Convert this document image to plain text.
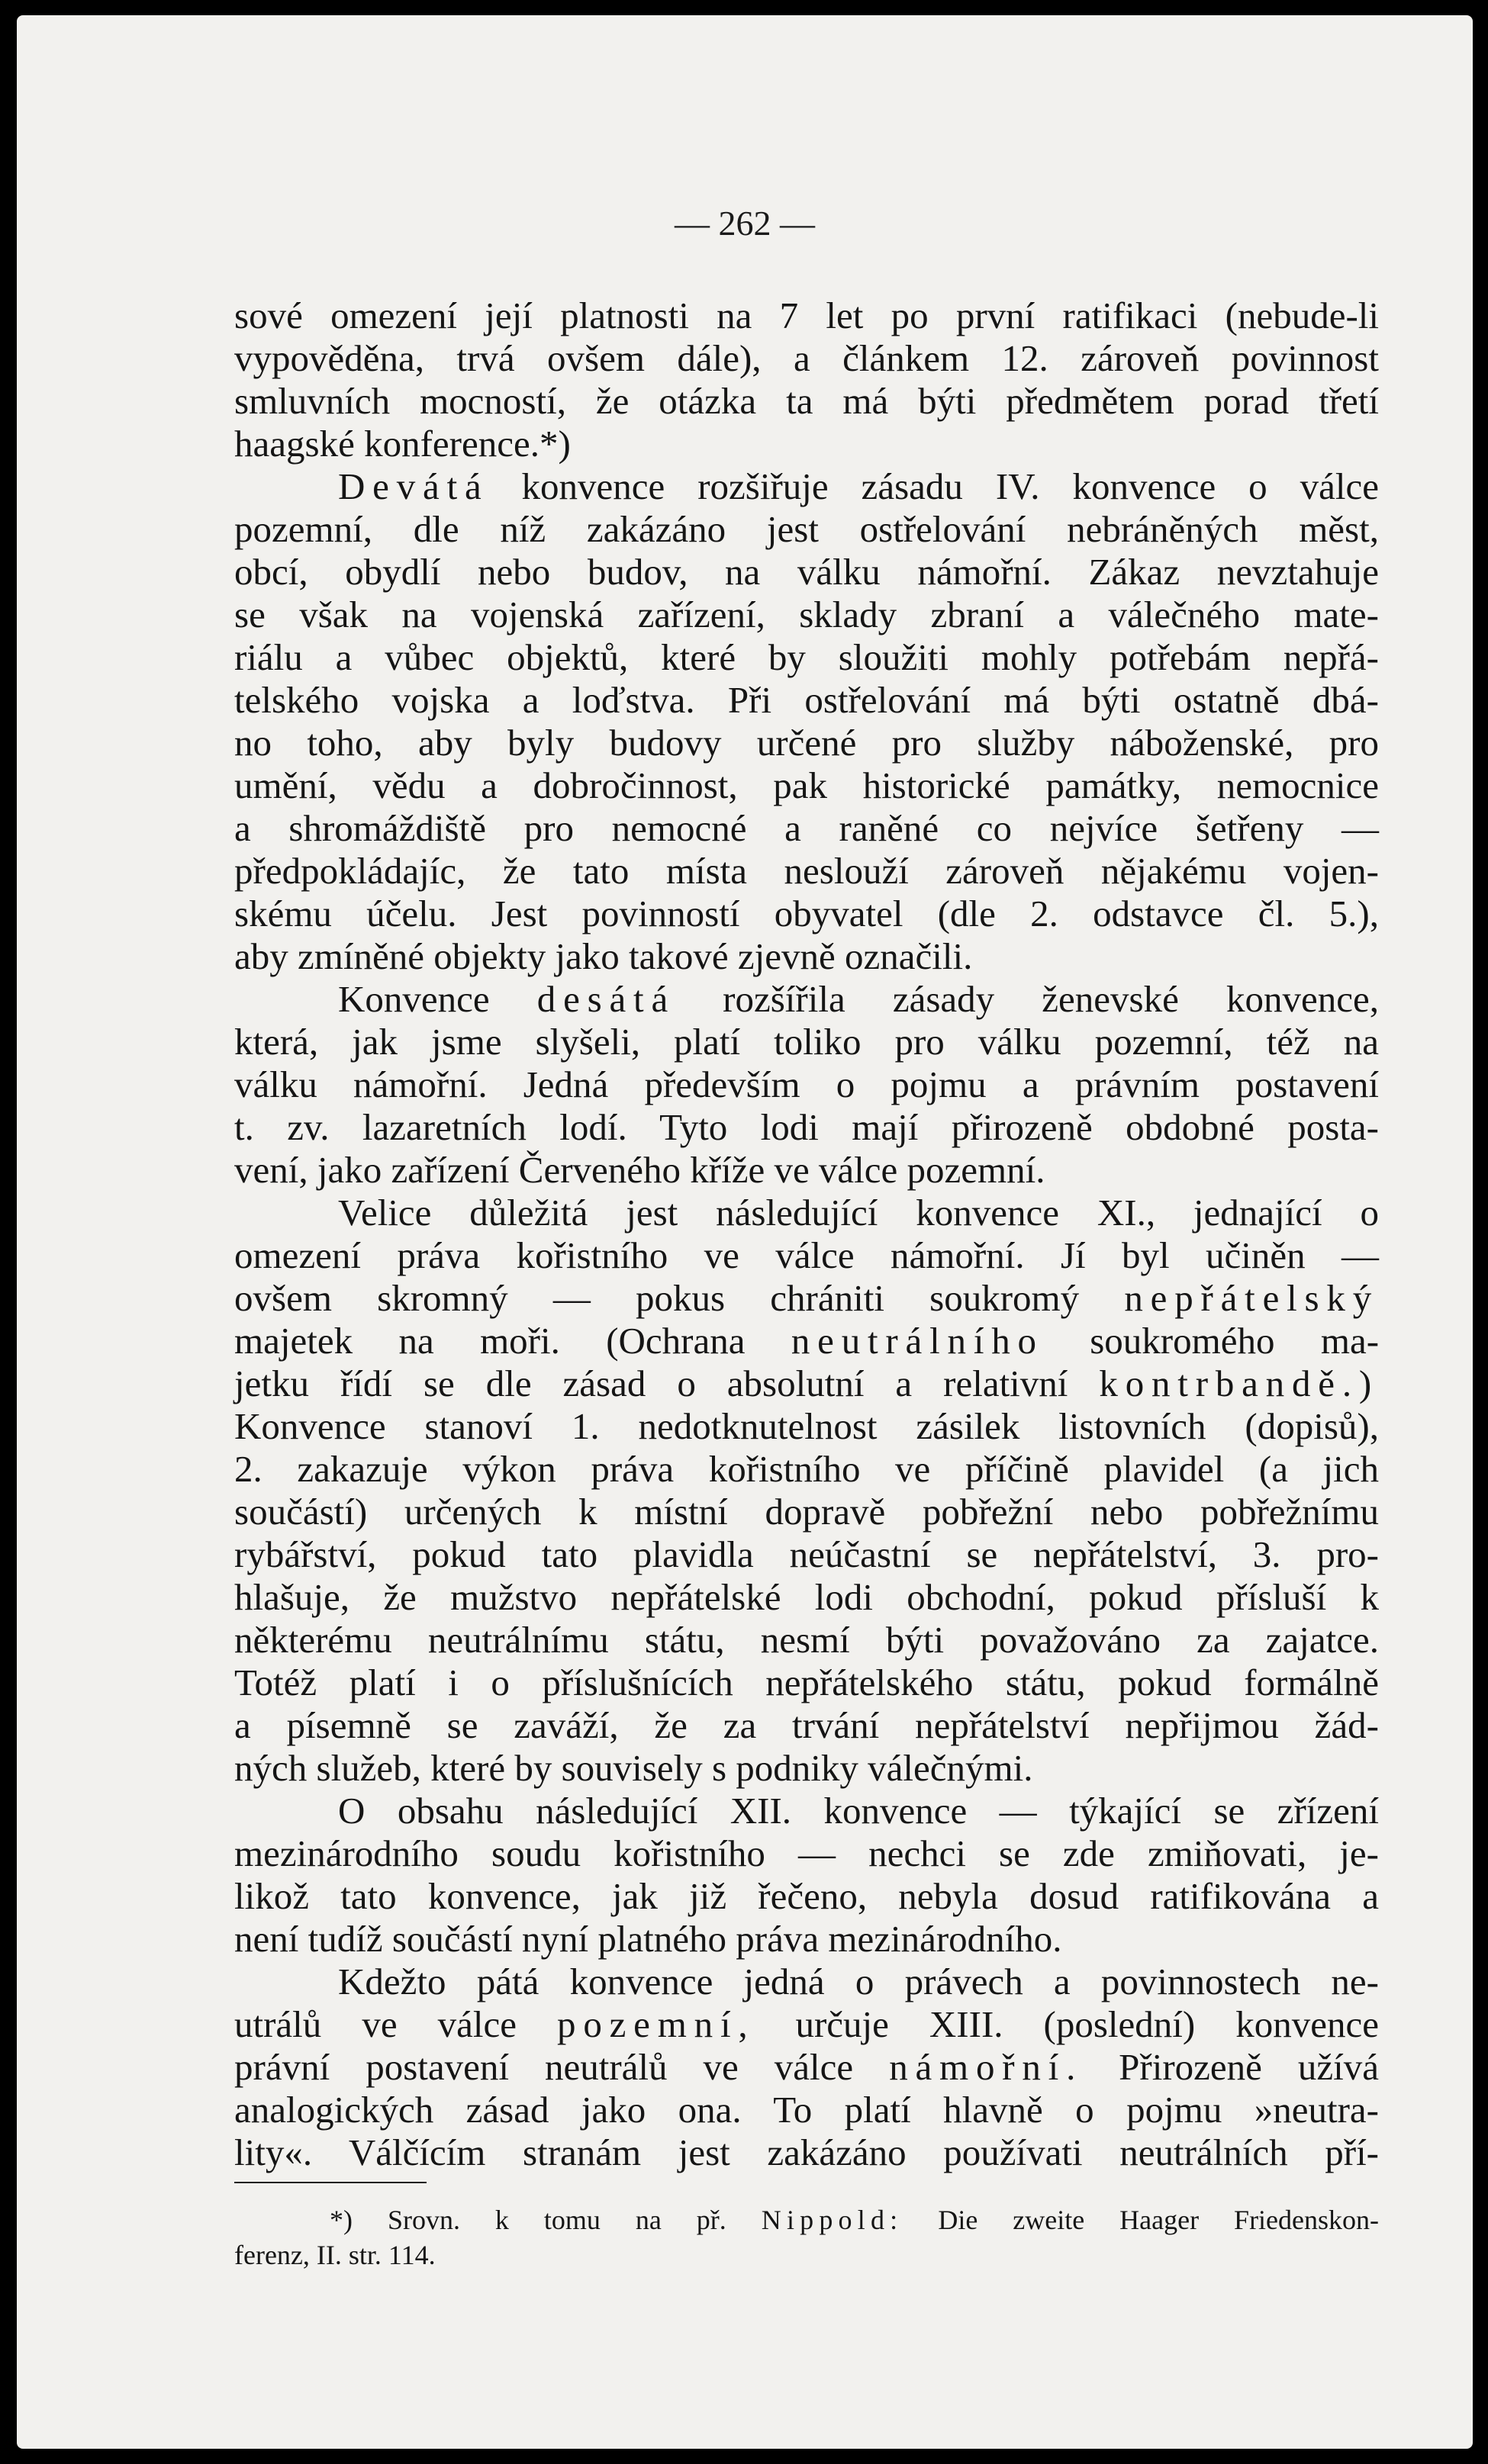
— 262 —
sové omezení její platnosti na 7 let po první ratifikaci (nebude-li
vypověděna, trvá ovšem dále), a článkem 12. zároveň povinnost
smluvních mocností, že otázka ta má býti předmětem porad třetí
haagské konference.*)
Devátá konvence rozšiřuje zásadu IV. konvence o válce
pozemní, dle níž zakázáno jest ostřelování nebráněných měst,
obcí, obydlí nebo budov, na válku námořní. Zákaz nevztahuje
se však na vojenská zařízení, sklady zbraní a válečného mate-
riálu a vůbec objektů, které by sloužiti mohly potřebám nepřá-
telského vojska a loďstva. Při ostřelování má býti ostatně dbá-
no toho, aby byly budovy určené pro služby náboženské, pro
umění, vědu a dobročinnost, pak historické památky, nemocnice
a shromáždiště pro nemocné a raněné co nejvíce šetřeny —
předpokládajíc, že tato místa neslouží zároveň nějakému vojen-
skému účelu. Jest povinností obyvatel (dle 2. odstavce čl. 5.),
aby zmíněné objekty jako takové zjevně označili.
Konvence desátá rozšířila zásady ženevské konvence,
která, jak jsme slyšeli, platí toliko pro válku pozemní, též na
válku námořní. Jedná především o pojmu a právním postavení
t. zv. lazaretních lodí. Tyto lodi mají přirozeně obdobné posta-
vení, jako zařízení Červeného kříže ve válce pozemní.
Velice důležitá jest následující konvence XI., jednající o
omezení práva kořistního ve válce námořní. Jí byl učiněn —
ovšem skromný — pokus chrániti soukromý nepřátelský
majetek na moři. (Ochrana neutrálního soukromého ma-
jetku řídí se dle zásad o absolutní a relativní kontrbandě.)
Konvence stanoví 1. nedotknutelnost zásilek listovních (dopisů),
2. zakazuje výkon práva kořistního ve příčině plavidel (a jich
součástí) určených k místní dopravě pobřežní nebo pobřežnímu
rybářství, pokud tato plavidla neúčastní se nepřátelství, 3. pro-
hlašuje, že mužstvo nepřátelské lodi obchodní, pokud přísluší k
některému neutrálnímu státu, nesmí býti považováno za zajatce.
Totéž platí i o příslušnících nepřátelského státu, pokud formálně
a písemně se zaváží, že za trvání nepřátelství nepřijmou žád-
ných služeb, které by souvisely s podniky válečnými.
O obsahu následující XII. konvence — týkající se zřízení
mezinárodního soudu kořistního — nechci se zde zmiňovati, je-
likož tato konvence, jak již řečeno, nebyla dosud ratifikována a
není tudíž součástí nyní platného práva mezinárodního.
Kdežto pátá konvence jedná o právech a povinnostech ne-
utrálů ve válce pozemní, určuje XIII. (poslední) konvence
právní postavení neutrálů ve válce námořní. Přirozeně užívá
analogických zásad jako ona. To platí hlavně o pojmu »neutra-
lity«. Válčícím stranám jest zakázáno používati neutrálních pří-
*) Srovn. k tomu na př. Nippold: Die zweite Haager Friedenskon-
ferenz, II. str. 114.
